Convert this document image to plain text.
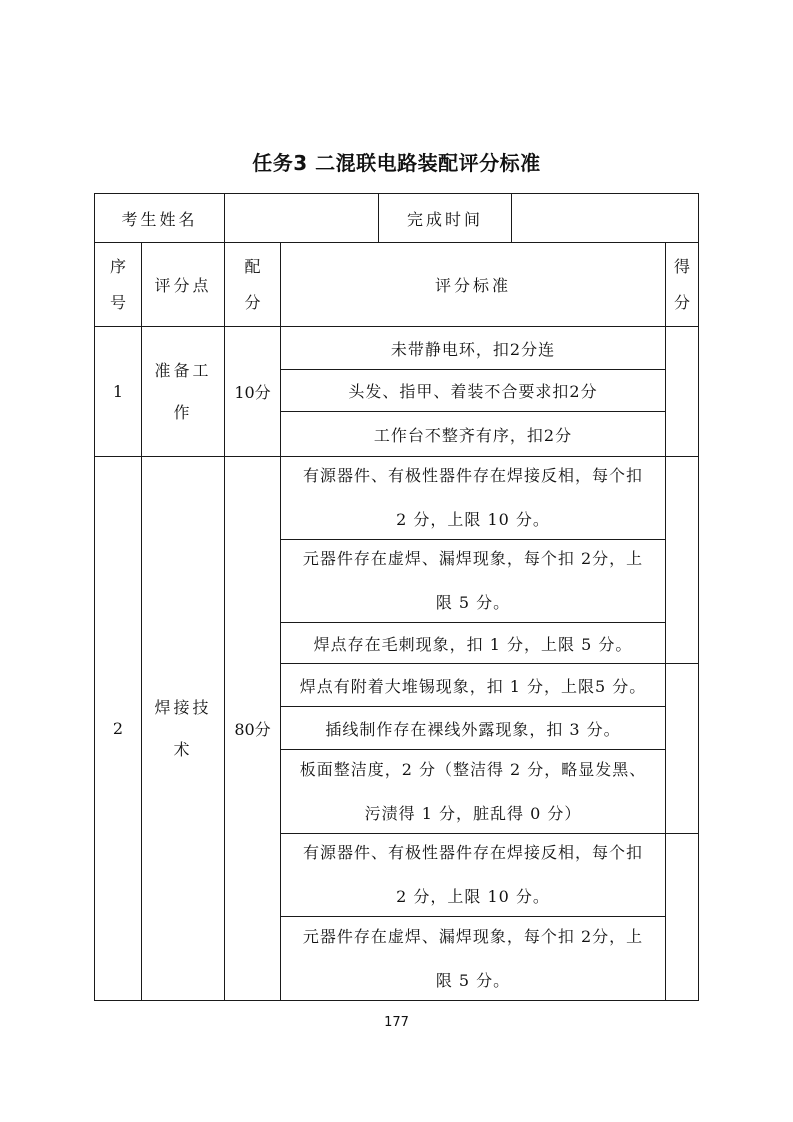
任务3 二混联电路装配评分标准
考生姓名	完成时间
序
号
评分点
配
分
评分标准
得
分
1
准备工
作
10分
未带静电环，扣2分连
头发、指甲、着装不合要求扣2分
工作台不整齐有序，扣2分
2
焊接技
术
80分
有源器件、有极性器件存在焊接反相，每个扣
2 分，上限 10 分。
元器件存在虚焊、漏焊现象，每个扣 2分，上
限 5 分。
焊点存在毛刺现象，扣 1 分，上限 5 分。
焊点有附着大堆锡现象，扣 1 分，上限5 分。
插线制作存在裸线外露现象，扣 3 分。
板面整洁度，2 分（整洁得 2 分，略显发黑、
污渍得 1 分，脏乱得 0 分）
有源器件、有极性器件存在焊接反相，每个扣
2 分，上限 10 分。
元器件存在虚焊、漏焊现象，每个扣 2分，上
限 5 分。
177
